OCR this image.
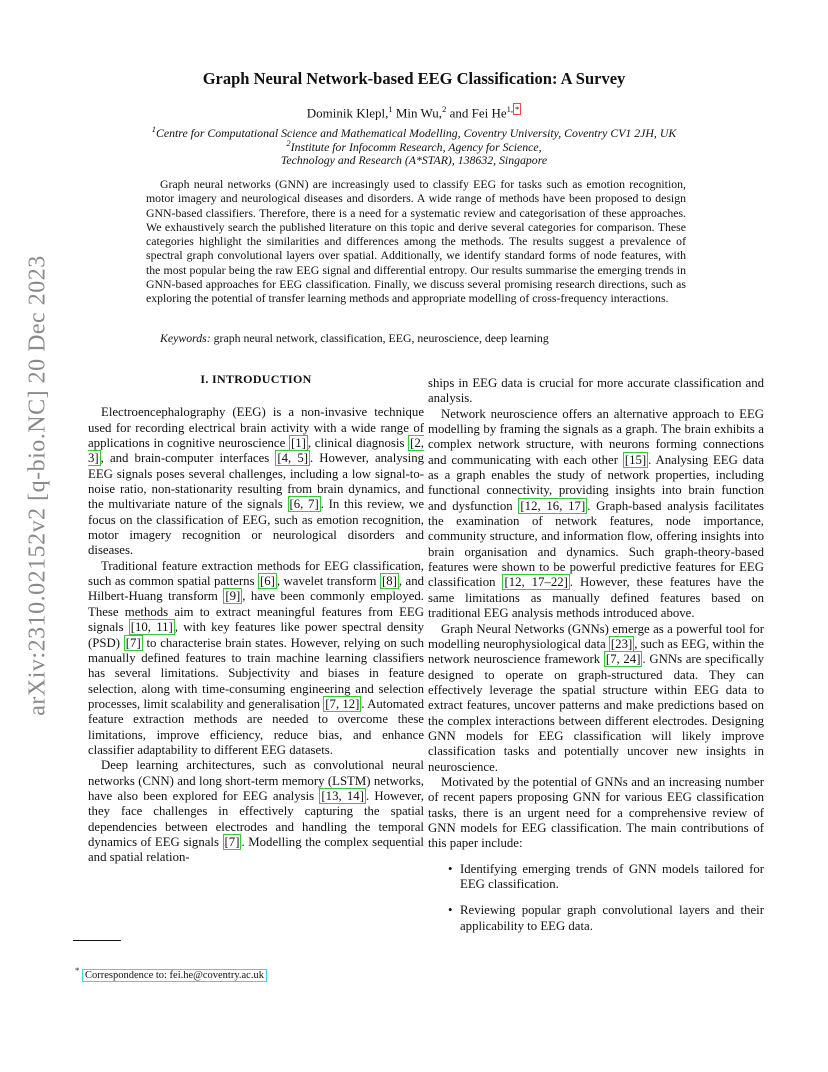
arXiv:2310.02152v2 [q-bio.NC] 20 Dec 2023
Graph Neural Network-based EEG Classification: A Survey
Dominik Klepl,$^1$ Min Wu,$^2$ and Fei $He^{1, *}$
$^1$Centre for Computational Science and Mathematical Modelling, Coventry University, Coventry CV1 2JH, UK
$^2$Institute for Infocomm Research, Agency for Science,
Technology and Research (A*STAR), 138632, Singapore
Graph neural networks (GNN) are increasingly used to classify EEG for tasks such as emotion recognition, motor imagery and neurological diseases and disorders. A wide range of methods have been proposed to design GNN-based classifiers. Therefore, there is a need for a systematic review and categorisation of these approaches. We exhaustively search the published literature on this topic and derive several categories for comparison. These categories highlight the similarities and differences among the methods. The results suggest a prevalence of spectral graph convolutional layers over spatial. Additionally, we identify standard forms of node features, with the most popular being the raw EEG signal and differential entropy. Our results summarise the emerging trends in GNN-based approaches for EEG classification. Finally, we discuss several promising research directions, such as exploring the potential of transfer learning methods and appropriate modelling of cross-frequency interactions.
Keywords: graph neural network, classification, EEG, neuroscience, deep learning
I. INTRODUCTION

Electroencephalography (EEG) is a non-invasive technique used for recording electrical brain activity with a wide range of applications in cognitive neuroscience [1] , clinical diagnosis [2, 3] , and brain-computer interfaces [4, 5] . However, analysing EEG signals poses several challenges, including a low signal-to-noise ratio, non-stationarity resulting from brain dynamics, and the multivariate nature of the signals [6, 7] . In this review, we focus on the classification of EEG, such as emotion recognition, motor imagery recognition or neurological disorders and diseases.

Traditional feature extraction methods for EEG classification, such as common spatial patterns [6] , wavelet transform [8] , and Hilbert-Huang transform [9] , have been commonly employed. These methods aim to extract meaningful features from EEG signals [10, 11] , with key features like power spectral density (PSD) [7] to characterise brain states. However, relying on such manually defined features to train machine learning classifiers has several limitations. Subjectivity and biases in feature selection, along with time-consuming engineering and selection processes, limit scalability and generalisation [7, 12] . Automated feature extraction methods are needed to overcome these limitations, improve efficiency, reduce bias, and enhance classifier adaptability to different EEG datasets.

Deep learning architectures, such as convolutional neural networks (CNN) and long short-term memory (LSTM) networks, have also been explored for EEG analysis [13, 14] . However, they face challenges in effectively capturing the spatial dependencies between electrodes and handling the temporal dynamics of EEG signals [7] . Modelling the complex sequential and spatial relation-

ships in EEG data is crucial for more accurate classification and analysis.

Network neuroscience offers an alternative approach to EEG modelling by framing the signals as a graph. The brain exhibits a complex network structure, with neurons forming connections and communicating with each other [15] . Analysing EEG data as a graph enables the study of network properties, including functional connectivity, providing insights into brain function and dysfunction [12, 16, 17] . Graph-based analysis facilitates the examination of network features, node importance, community structure, and information flow, offering insights into brain organisation and dynamics. Such graph-theory-based features were shown to be powerful predictive features for EEG classification [12, 17–22] . However, these features have the same limitations as manually defined features based on traditional EEG analysis methods introduced above.

Graph Neural Networks (GNNs) emerge as a powerful tool for modelling neurophysiological data [23] , such as EEG, within the network neuroscience framework [7, 24] . GNNs are specifically designed to operate on graph-structured data. They can effectively leverage the spatial structure within EEG data to extract features, uncover patterns and make predictions based on the complex interactions between different electrodes. Designing GNN models for EEG classification will likely improve classification tasks and potentially uncover new insights in neuroscience.

Motivated by the potential of GNNs and an increasing number of recent papers proposing GNN for various EEG classification tasks, there is an urgent need for a comprehensive review of GNN models for EEG classification. The main contributions of this paper include:

• Identifying emerging trends of GNN models tailored for EEG classification.
• Reviewing popular graph convolutional layers and their applicability to EEG data.
* Correspondence to: fei.he@coventry.ac.uk
